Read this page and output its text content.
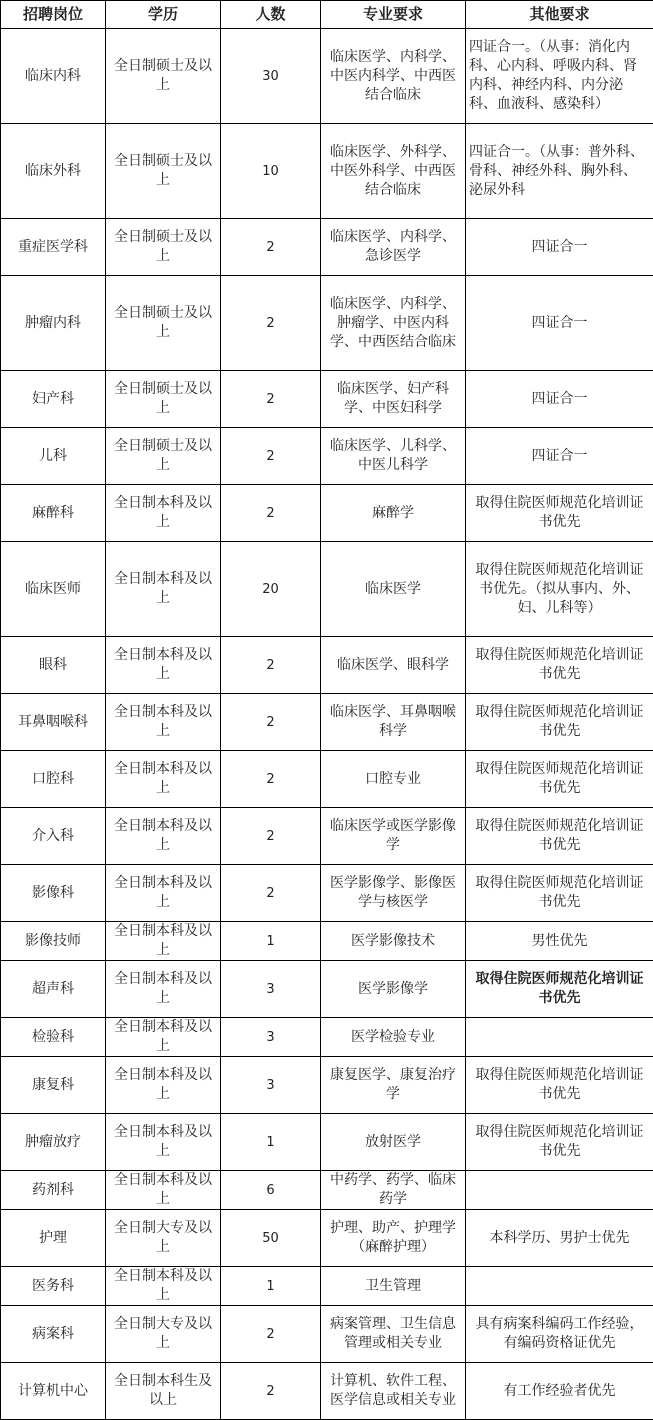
招聘岗位	学历	人数	专业要求	其他要求
临床内科	全日制硕士及以上	30	临床医学、内科学、中医内科学、中西医结合临床	四证合一。（从事：消化内科、心内科、呼吸内科、肾内科、神经内科、内分泌科、血液科、感染科）
临床外科	全日制硕士及以上	10	临床医学、外科学、中医外科学、中西医结合临床	四证合一。（从事：普外科、骨科、神经外科、胸外科、泌尿外科
重症医学科	全日制硕士及以上	2	临床医学、内科学、急诊医学	四证合一
肿瘤内科	全日制硕士及以上	2	临床医学、内科学、肿瘤学、中医内科学、中西医结合临床	四证合一
妇产科	全日制硕士及以上	2	临床医学、妇产科学、中医妇科学	四证合一
儿科	全日制硕士及以上	2	临床医学、儿科学、中医儿科学	四证合一
麻醉科	全日制本科及以上	2	麻醉学	取得住院医师规范化培训证书优先
临床医师	全日制本科及以上	20	临床医学	取得住院医师规范化培训证书优先。（拟从事内、外、妇、儿科等）
眼科	全日制本科及以上	2	临床医学、眼科学	取得住院医师规范化培训证书优先
耳鼻咽喉科	全日制本科及以上	2	临床医学、耳鼻咽喉科学	取得住院医师规范化培训证书优先
口腔科	全日制本科及以上	2	口腔专业	取得住院医师规范化培训证书优先
介入科	全日制本科及以上	2	临床医学或医学影像学	取得住院医师规范化培训证书优先
影像科	全日制本科及以上	2	医学影像学、影像医学与核医学	取得住院医师规范化培训证书优先
影像技师	全日制本科及以上	1	医学影像技术	男性优先
超声科	全日制本科及以上	3	医学影像学	取得住院医师规范化培训证书优先
检验科	全日制本科及以上	3	医学检验专业	
康复科	全日制本科及以上	3	康复医学、康复治疗学	取得住院医师规范化培训证书优先
肿瘤放疗	全日制本科及以上	1	放射医学	取得住院医师规范化培训证书优先
药剂科	全日制本科及以上	6	中药学、药学、临床药学	
护理	全日制大专及以上	50	护理、助产、护理学（麻醉护理）	本科学历、男护士优先
医务科	全日制本科及以上	1	卫生管理	
病案科	全日制大专及以上	2	病案管理、卫生信息管理或相关专业	具有病案科编码工作经验，有编码资格证优先
计算机中心	全日制本科生及以上	2	计算机、软件工程、医学信息或相关专业	有工作经验者优先
